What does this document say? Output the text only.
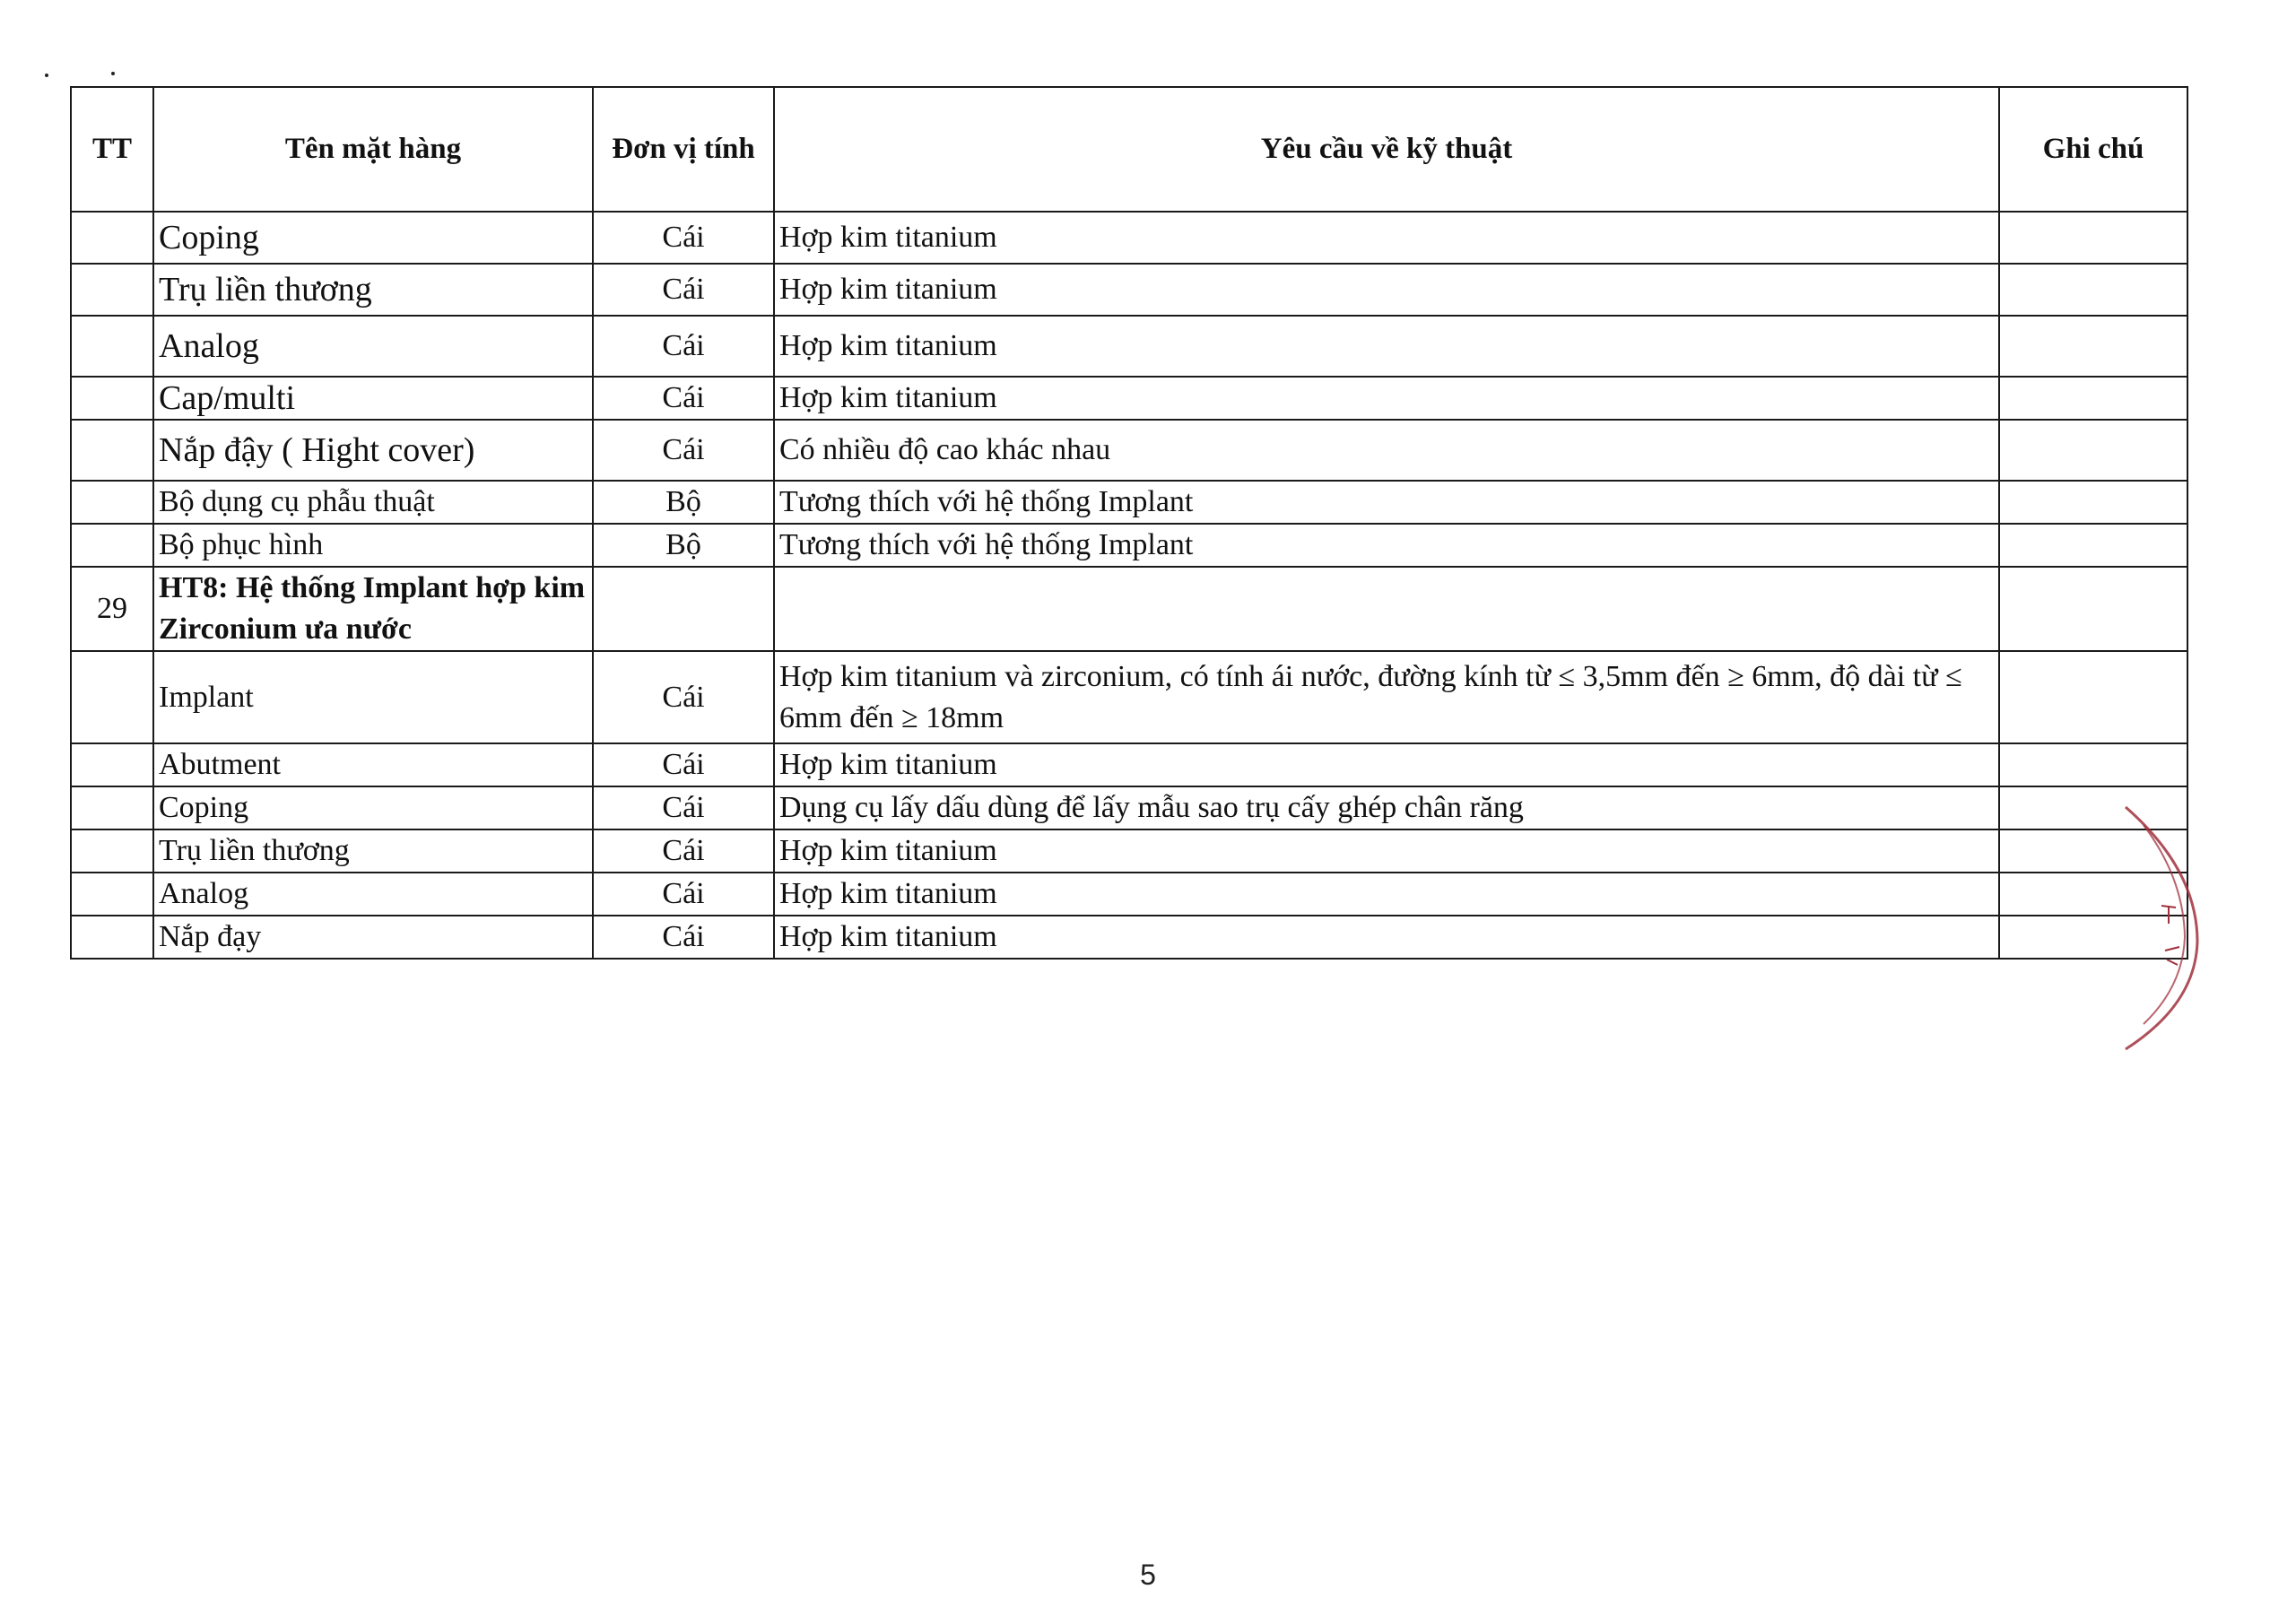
TT	Tên mặt hàng	Đơn vị tính	Yêu cầu về kỹ thuật	Ghi chú
	Coping	Cái	Hợp kim titanium	
	Trụ liền thương	Cái	Hợp kim titanium	
	Analog	Cái	Hợp kim titanium	
	Cap/multi	Cái	Hợp kim titanium	
	Nắp đậy ( Hight cover)	Cái	Có nhiều độ cao khác nhau	
	Bộ dụng cụ phẫu thuật	Bộ	Tương thích với hệ thống Implant	
	Bộ phục hình	Bộ	Tương thích với hệ thống Implant	
29	HT8: Hệ thống Implant hợp kim Zirconium ưa nước			
	Implant	Cái	Hợp kim titanium và zirconium, có tính ái nước, đường kính từ ≤ 3,5mm đến ≥ 6mm, độ dài từ ≤ 6mm đến ≥ 18mm	
	Abutment	Cái	Hợp kim titanium	
	Coping	Cái	Dụng cụ lấy dấu dùng để lấy mẫu sao trụ cấy ghép chân răng	
	Trụ liền thương	Cái	Hợp kim titanium	
	Analog	Cái	Hợp kim titanium	
	Nắp đạy	Cái	Hợp kim titanium	
5
